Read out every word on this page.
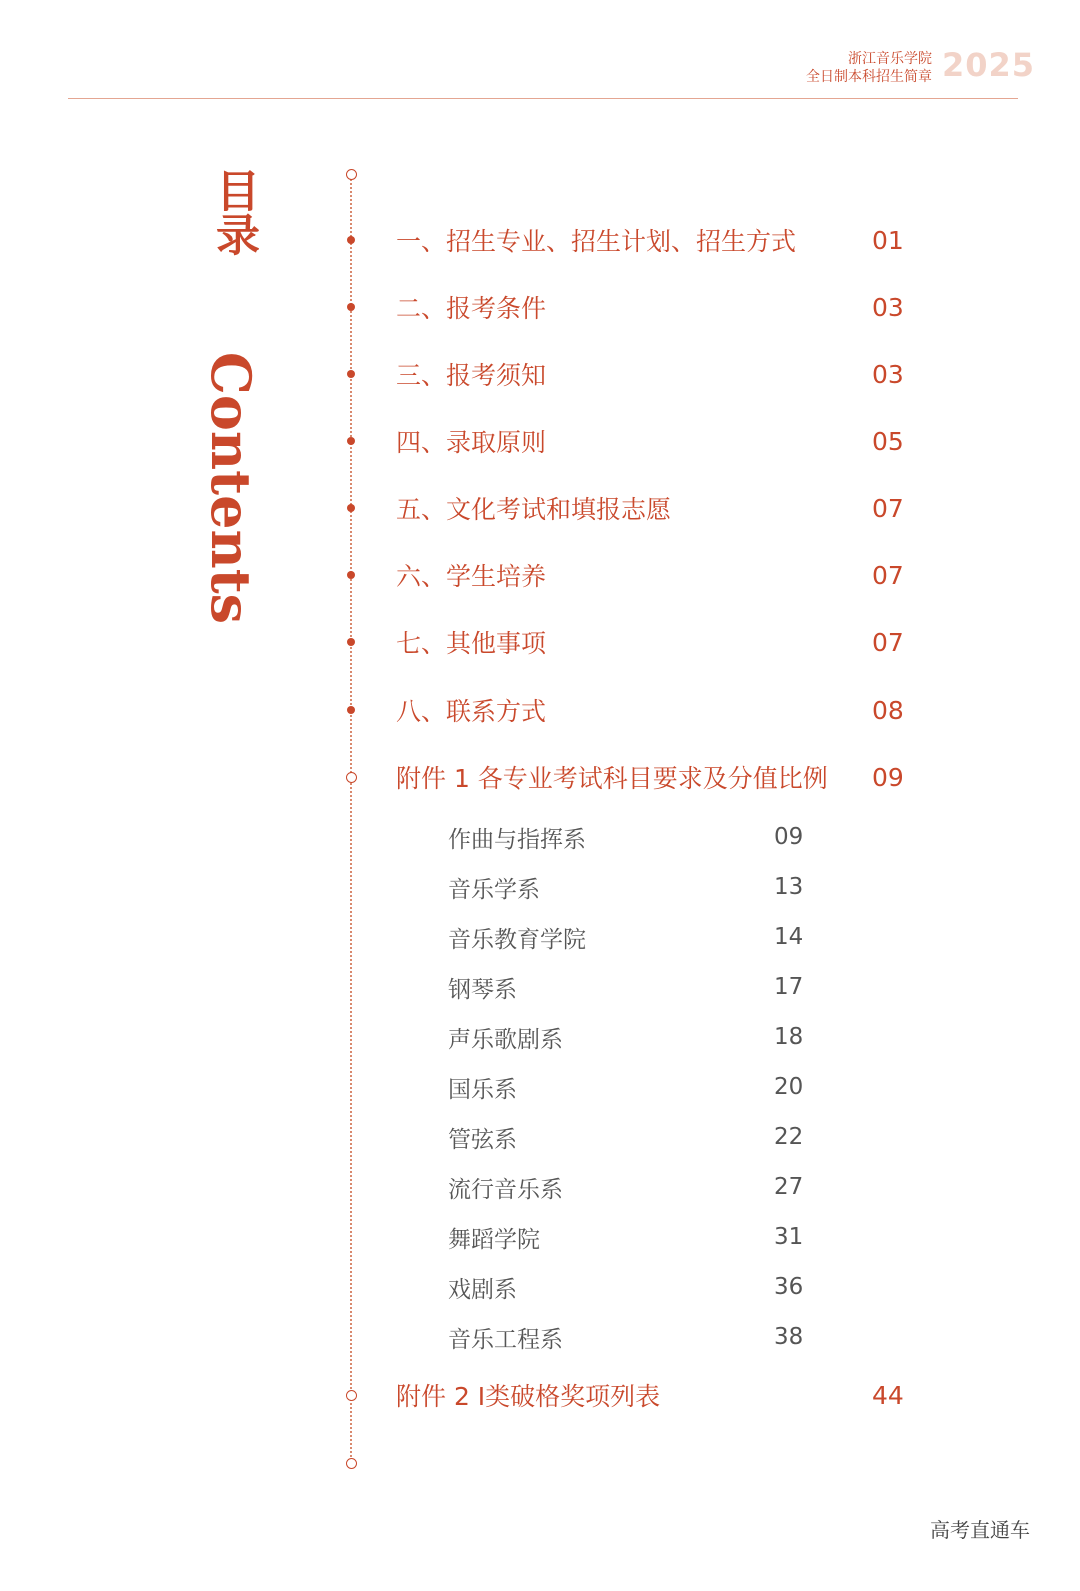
浙江音乐学院
全日制本科招生简章 2025
目录
Contents
一、招生专业、招生计划、招生方式	01
二、报考条件	03
三、报考须知	03
四、录取原则	05
五、文化考试和填报志愿	07
六、学生培养	07
七、其他事项	07
八、联系方式	08
附件 1 各专业考试科目要求及分值比例	09
作曲与指挥系	09
音乐学系	13
音乐教育学院	14
钢琴系	17
声乐歌剧系	18
国乐系	20
管弦系	22
流行音乐系	27
舞蹈学院	31
戏剧系	36
音乐工程系	38
附件 2 Ⅰ类破格奖项列表	44
高考直通车
